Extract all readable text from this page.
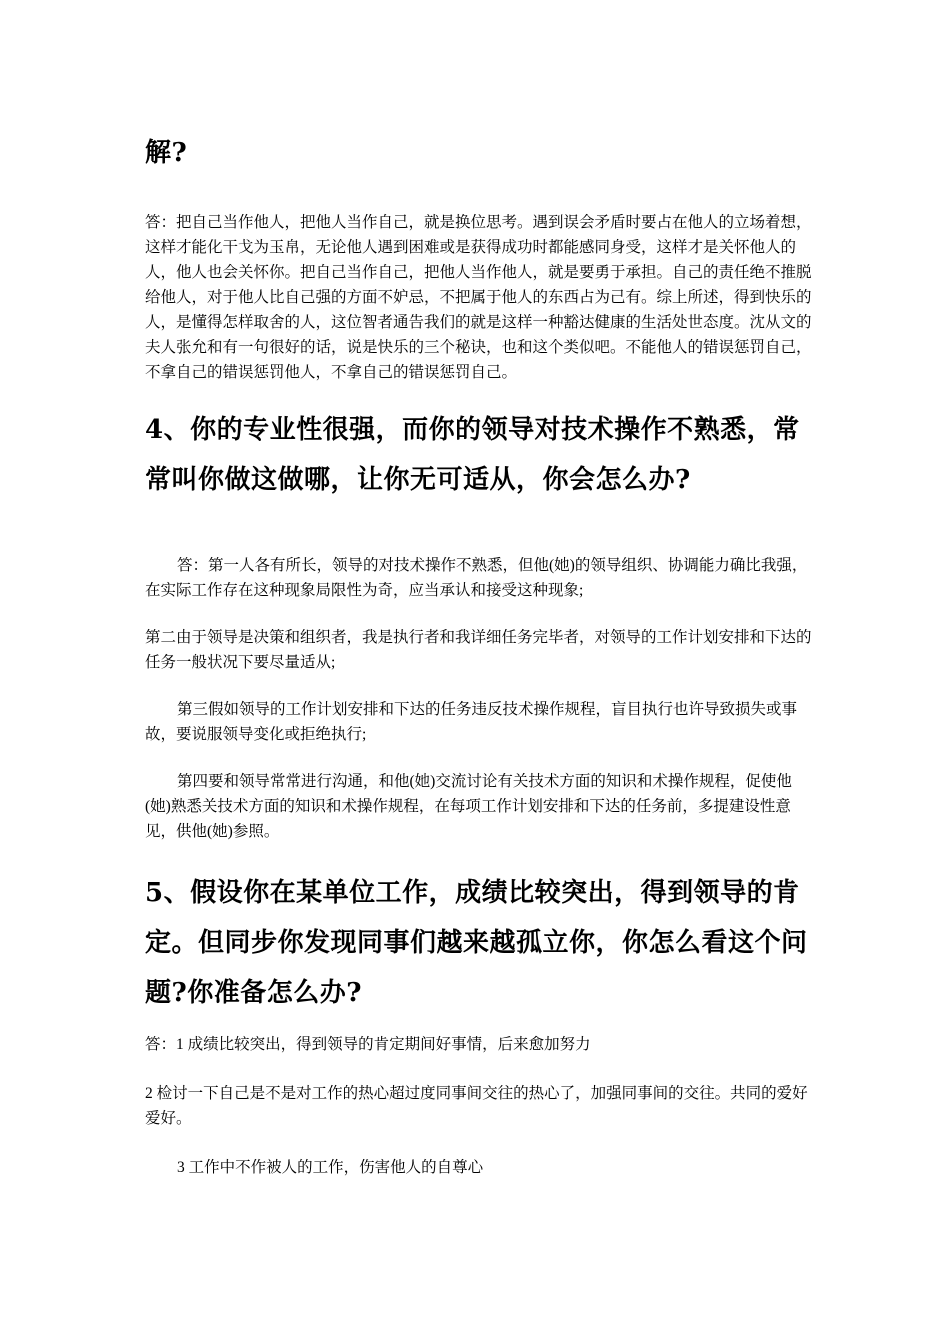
解?

答：把自己当作他人，把他人当作自己，就是换位思考。遇到误会矛盾时要占在他人的立场着想，这样才能化干戈为玉帛，无论他人遇到困难或是获得成功时都能感同身受，这样才是关怀他人的人，他人也会关怀你。把自己当作自己，把他人当作他人，就是要勇于承担。自己的责任绝不推脱给他人，对于他人比自己强的方面不妒忌，不把属于他人的东西占为己有。综上所述，得到快乐的人，是懂得怎样取舍的人，这位智者通告我们的就是这样一种豁达健康的生活处世态度。沈从文的夫人张允和有一句很好的话，说是快乐的三个秘诀，也和这个类似吧。不能他人的错误惩罚自己，不拿自己的错误惩罚他人，不拿自己的错误惩罚自己。

4、你的专业性很强，而你的领导对技术操作不熟悉，常常叫你做这做哪，让你无可适从，你会怎么办?

答：第一人各有所长，领导的对技术操作不熟悉，但他(她)的领导组织、协调能力确比我强，在实际工作存在这种现象局限性为奇，应当承认和接受这种现象;

第二由于领导是决策和组织者，我是执行者和我详细任务完毕者，对领导的工作计划安排和下达的任务一般状况下要尽量适从;

第三假如领导的工作计划安排和下达的任务违反技术操作规程，盲目执行也许导致损失或事故，要说服领导变化或拒绝执行;

第四要和领导常常进行沟通，和他(她)交流讨论有关技术方面的知识和术操作规程，促使他(她)熟悉关技术方面的知识和术操作规程，在每项工作计划安排和下达的任务前，多提建设性意见，供他(她)参照。

5、假设你在某单位工作，成绩比较突出，得到领导的肯定。但同步你发现同事们越来越孤立你，你怎么看这个问题?你准备怎么办?

答：1 成绩比较突出，得到领导的肯定期间好事情，后来愈加努力

2 检讨一下自己是不是对工作的热心超过度同事间交往的热心了，加强同事间的交往。共同的爱好爱好。

3 工作中不作被人的工作，伤害他人的自尊心
